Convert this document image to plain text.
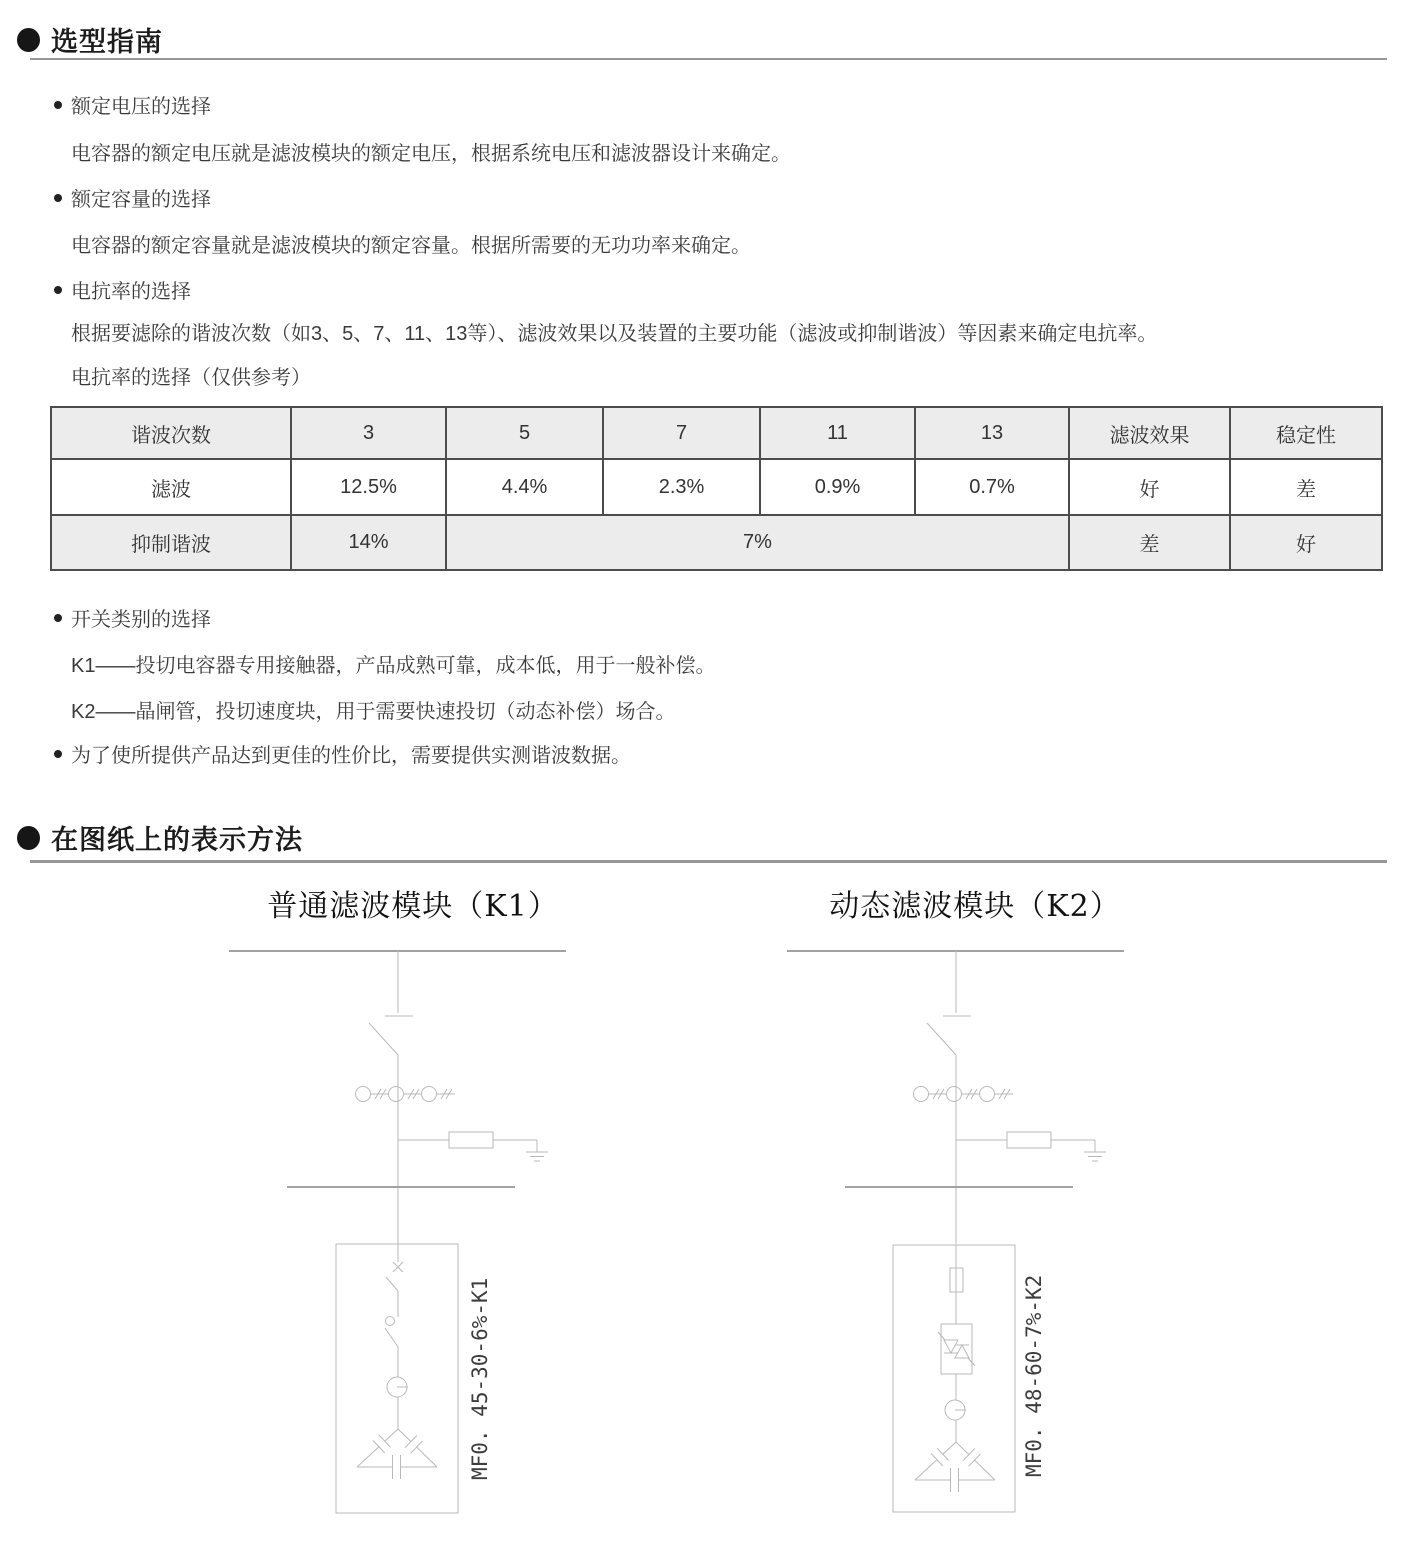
选型指南
额定电压的选择
电容器的额定电压就是滤波模块的额定电压，根据系统电压和滤波器设计来确定。
额定容量的选择
电容器的额定容量就是滤波模块的额定容量。根据所需要的无功功率来确定。
电抗率的选择
根据要滤除的谐波次数（如3、5、7、11、13等）、滤波效果以及装置的主要功能（滤波或抑制谐波）等因素来确定电抗率。
电抗率的选择（仅供参考）
谐波次数	3	5	7	11	13	滤波效果	稳定性
滤波	12.5%	4.4%	2.3%	0.9%	0.7%	好	差
抑制谐波	14%	7%				差	好
开关类别的选择
K1——投切电容器专用接触器，产品成熟可靠，成本低，用于一般补偿。
K2——晶闸管，投切速度块，用于需要快速投切（动态补偿）场合。
为了使所提供产品达到更佳的性价比，需要提供实测谐波数据。
在图纸上的表示方法
普通滤波模块（K1）	动态滤波模块（K2）
MF0. 45-30-6%-K1	MF0. 48-60-7%-K2
